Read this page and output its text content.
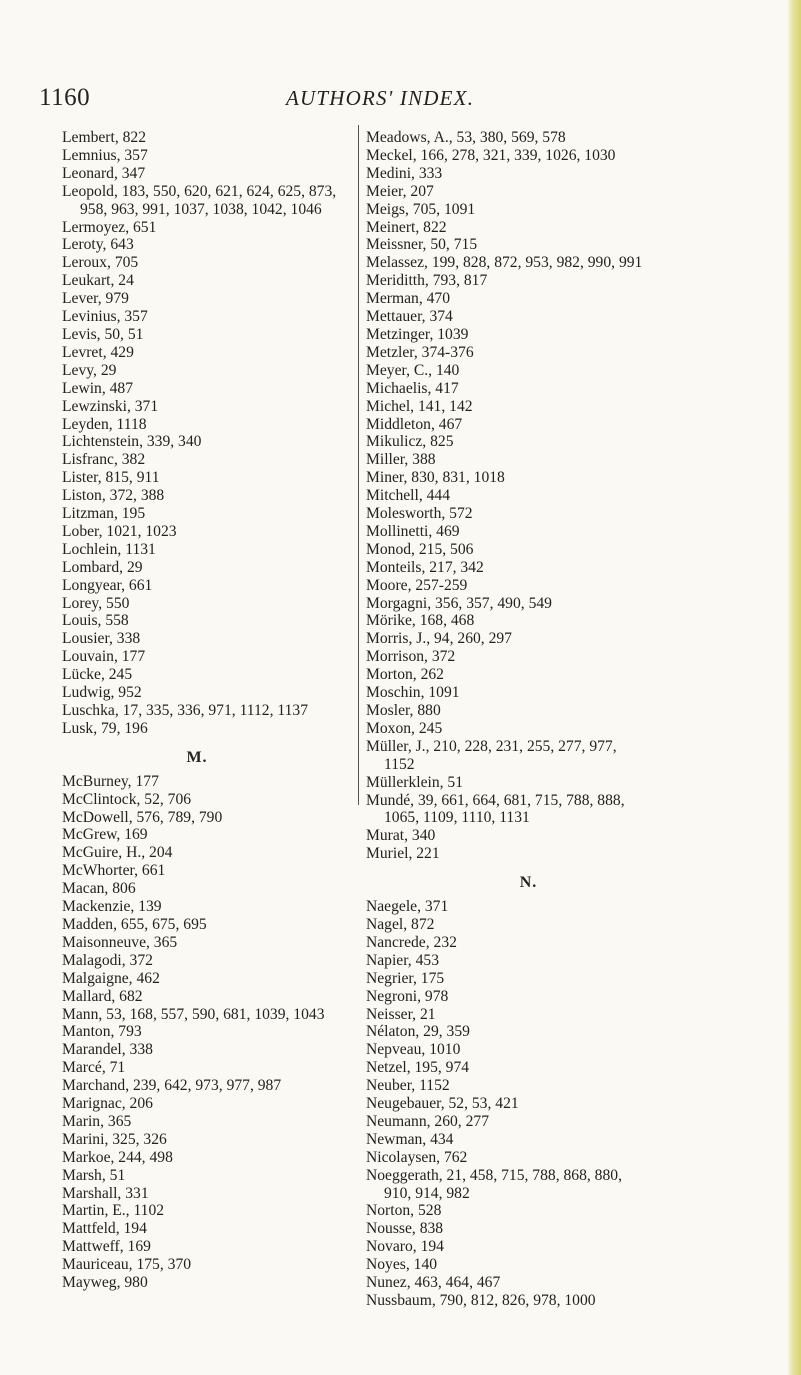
1160	AUTHORS' INDEX.
Lembert, 822
Lemnius, 357
Leonard, 347
Leopold, 183, 550, 620, 621, 624, 625, 873,
958, 963, 991, 1037, 1038, 1042, 1046
Lermoyez, 651
Leroty, 643
Leroux, 705
Leukart, 24
Lever, 979
Levinius, 357
Levis, 50, 51
Levret, 429
Levy, 29
Lewin, 487
Lewzinski, 371
Leyden, 1118
Lichtenstein, 339, 340
Lisfranc, 382
Lister, 815, 911
Liston, 372, 388
Litzman, 195
Lober, 1021, 1023
Lochlein, 1131
Lombard, 29
Longyear, 661
Lorey, 550
Louis, 558
Lousier, 338
Louvain, 177
Lücke, 245
Ludwig, 952
Luschka, 17, 335, 336, 971, 1112, 1137
Lusk, 79, 196
M.
McBurney, 177
McClintock, 52, 706
McDowell, 576, 789, 790
McGrew, 169
McGuire, H., 204
McWhorter, 661
Macan, 806
Mackenzie, 139
Madden, 655, 675, 695
Maisonneuve, 365
Malagodi, 372
Malgaigne, 462
Mallard, 682
Mann, 53, 168, 557, 590, 681, 1039, 1043
Manton, 793
Marandel, 338
Marcé, 71
Marchand, 239, 642, 973, 977, 987
Marignac, 206
Marin, 365
Marini, 325, 326
Markoe, 244, 498
Marsh, 51
Marshall, 331
Martin, E., 1102
Mattfeld, 194
Mattweff, 169
Mauriceau, 175, 370
Mayweg, 980
Meadows, A., 53, 380, 569, 578
Meckel, 166, 278, 321, 339, 1026, 1030
Medini, 333
Meier, 207
Meigs, 705, 1091
Meinert, 822
Meissner, 50, 715
Melassez, 199, 828, 872, 953, 982, 990, 991
Meriditth, 793, 817
Merman, 470
Mettauer, 374
Metzinger, 1039
Metzler, 374-376
Meyer, C., 140
Michaelis, 417
Michel, 141, 142
Middleton, 467
Mikulicz, 825
Miller, 388
Miner, 830, 831, 1018
Mitchell, 444
Molesworth, 572
Mollinetti, 469
Monod, 215, 506
Monteils, 217, 342
Moore, 257-259
Morgagni, 356, 357, 490, 549
Mörike, 168, 468
Morris, J., 94, 260, 297
Morrison, 372
Morton, 262
Moschin, 1091
Mosler, 880
Moxon, 245
Müller, J., 210, 228, 231, 255, 277, 977,
1152
Müllerklein, 51
Mundé, 39, 661, 664, 681, 715, 788, 888,
1065, 1109, 1110, 1131
Murat, 340
Muriel, 221
N.
Naegele, 371
Nagel, 872
Nancrede, 232
Napier, 453
Negrier, 175
Negroni, 978
Neisser, 21
Nélaton, 29, 359
Nepveau, 1010
Netzel, 195, 974
Neuber, 1152
Neugebauer, 52, 53, 421
Neumann, 260, 277
Newman, 434
Nicolaysen, 762
Noeggerath, 21, 458, 715, 788, 868, 880,
910, 914, 982
Norton, 528
Nousse, 838
Novaro, 194
Noyes, 140
Nunez, 463, 464, 467
Nussbaum, 790, 812, 826, 978, 1000
